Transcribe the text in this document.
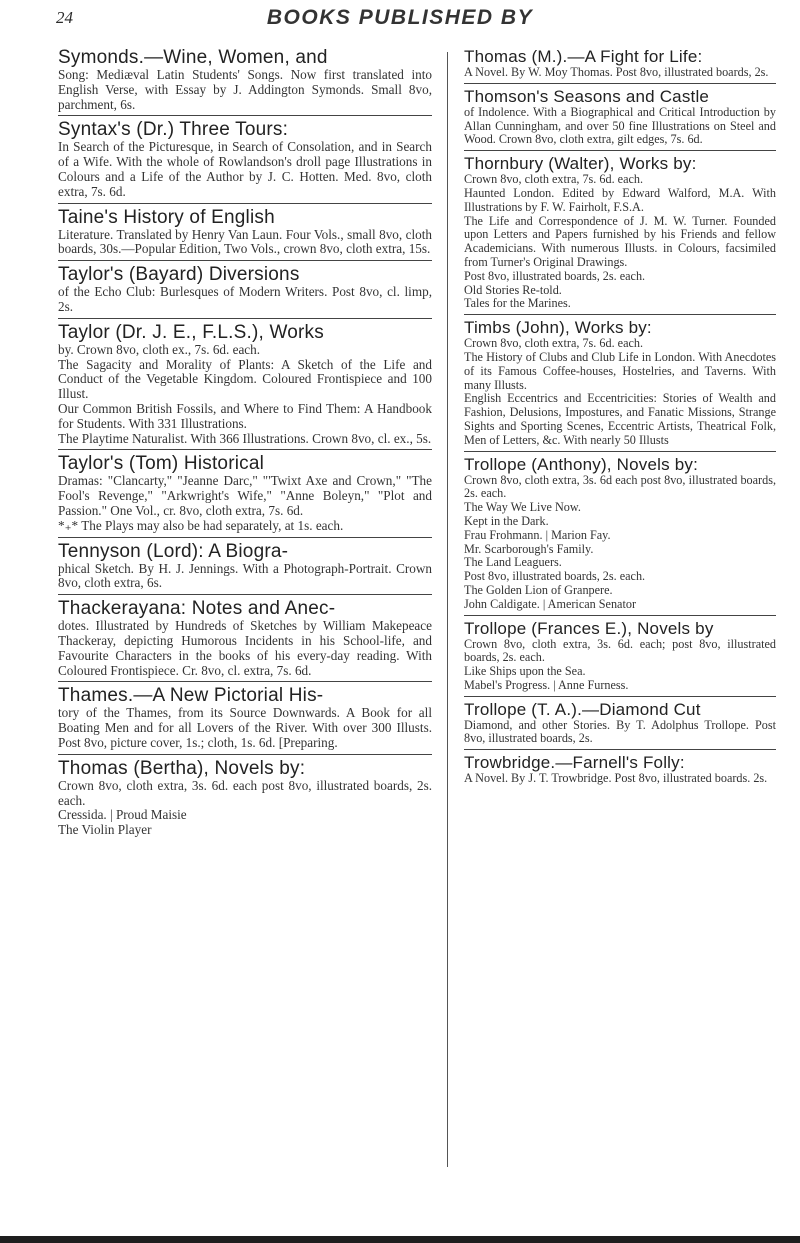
24	BOOKS PUBLISHED BY
Symonds.—Wine, Women, and

Song: Mediæval Latin Students' Songs. Now first translated into English Verse, with Essay by J. Addington Symonds. Small 8vo, parchment, 6s.

Syntax's (Dr.) Three Tours:

In Search of the Picturesque, in Search of Consolation, and in Search of a Wife. With the whole of Rowlandson's droll page Illustrations in Colours and a Life of the Author by J. C. Hotten. Med. 8vo, cloth extra, 7s. 6d.

Taine's History of English

Literature. Translated by Henry Van Laun. Four Vols., small 8vo, cloth boards, 30s.—Popular Edition, Two Vols., crown 8vo, cloth extra, 15s.

Taylor's (Bayard) Diversions

of the Echo Club: Burlesques of Modern Writers. Post 8vo, cl. limp, 2s.

Taylor (Dr. J. E., F.L.S.), Works

by. Crown 8vo, cloth ex., 7s. 6d. each.

The Sagacity and Morality of Plants: A Sketch of the Life and Conduct of the Vegetable Kingdom. Coloured Frontispiece and 100 Illust.

Our Common British Fossils, and Where to Find Them: A Handbook for Students. With 331 Illustrations.

The Playtime Naturalist. With 366 Illustrations. Crown 8vo, cl. ex., 5s.

Taylor's (Tom) Historical

Dramas: "Clancarty," "Jeanne Darc," "'Twixt Axe and Crown," "The Fool's Revenge," "Arkwright's Wife," "Anne Boleyn," "Plot and Passion." One Vol., cr. 8vo, cloth extra, 7s. 6d.

*₊* The Plays may also be had separately, at 1s. each.

Tennyson (Lord): A Biogra-

phical Sketch. By H. J. Jennings. With a Photograph-Portrait. Crown 8vo, cloth extra, 6s.

Thackerayana: Notes and Anec-

dotes. Illustrated by Hundreds of Sketches by William Makepeace Thackeray, depicting Humorous Incidents in his School-life, and Favourite Characters in the books of his every-day reading. With Coloured Frontispiece. Cr. 8vo, cl. extra, 7s. 6d.

Thames.—A New Pictorial His-

tory of the Thames, from its Source Downwards. A Book for all Boating Men and for all Lovers of the River. With over 300 Illusts. Post 8vo, picture cover, 1s.; cloth, 1s. 6d. [Preparing.

Thomas (Bertha), Novels by:

Crown 8vo, cloth extra, 3s. 6d. each post 8vo, illustrated boards, 2s. each.

Cressida. | Proud Maisie

The Violin Player

Thomas (M.).—A Fight for Life:

A Novel. By W. Moy Thomas. Post 8vo, illustrated boards, 2s.

Thomson's Seasons and Castle

of Indolence. With a Biographical and Critical Introduction by Allan Cunningham, and over 50 fine Illustrations on Steel and Wood. Crown 8vo, cloth extra, gilt edges, 7s. 6d.

Thornbury (Walter), Works by:

Crown 8vo, cloth extra, 7s. 6d. each.

Haunted London. Edited by Edward Walford, M.A. With Illustrations by F. W. Fairholt, F.S.A.

The Life and Correspondence of J. M. W. Turner. Founded upon Letters and Papers furnished by his Friends and fellow Academicians. With numerous Illusts. in Colours, facsimiled from Turner's Original Drawings.

Post 8vo, illustrated boards, 2s. each.

Old Stories Re-told.

Tales for the Marines.

Timbs (John), Works by:

Crown 8vo, cloth extra, 7s. 6d. each.

The History of Clubs and Club Life in London. With Anecdotes of its Famous Coffee-houses, Hostelries, and Taverns. With many Illusts.

English Eccentrics and Eccentricities: Stories of Wealth and Fashion, Delusions, Impostures, and Fanatic Missions, Strange Sights and Sporting Scenes, Eccentric Artists, Theatrical Folk, Men of Letters, &c. With nearly 50 Illusts

Trollope (Anthony), Novels by:

Crown 8vo, cloth extra, 3s. 6d each post 8vo, illustrated boards, 2s. each.

The Way We Live Now.

Kept in the Dark.

Frau Frohmann. | Marion Fay.

Mr. Scarborough's Family.

The Land Leaguers.

Post 8vo, illustrated boards, 2s. each.

The Golden Lion of Granpere.

John Caldigate. | American Senator

Trollope (Frances E.), Novels by

Crown 8vo, cloth extra, 3s. 6d. each; post 8vo, illustrated boards, 2s. each.

Like Ships upon the Sea.

Mabel's Progress. | Anne Furness.

Trollope (T. A.).—Diamond Cut

Diamond, and other Stories. By T. Adolphus Trollope. Post 8vo, illustrated boards, 2s.

Trowbridge.—Farnell's Folly:

A Novel. By J. T. Trowbridge. Post 8vo, illustrated boards. 2s.
